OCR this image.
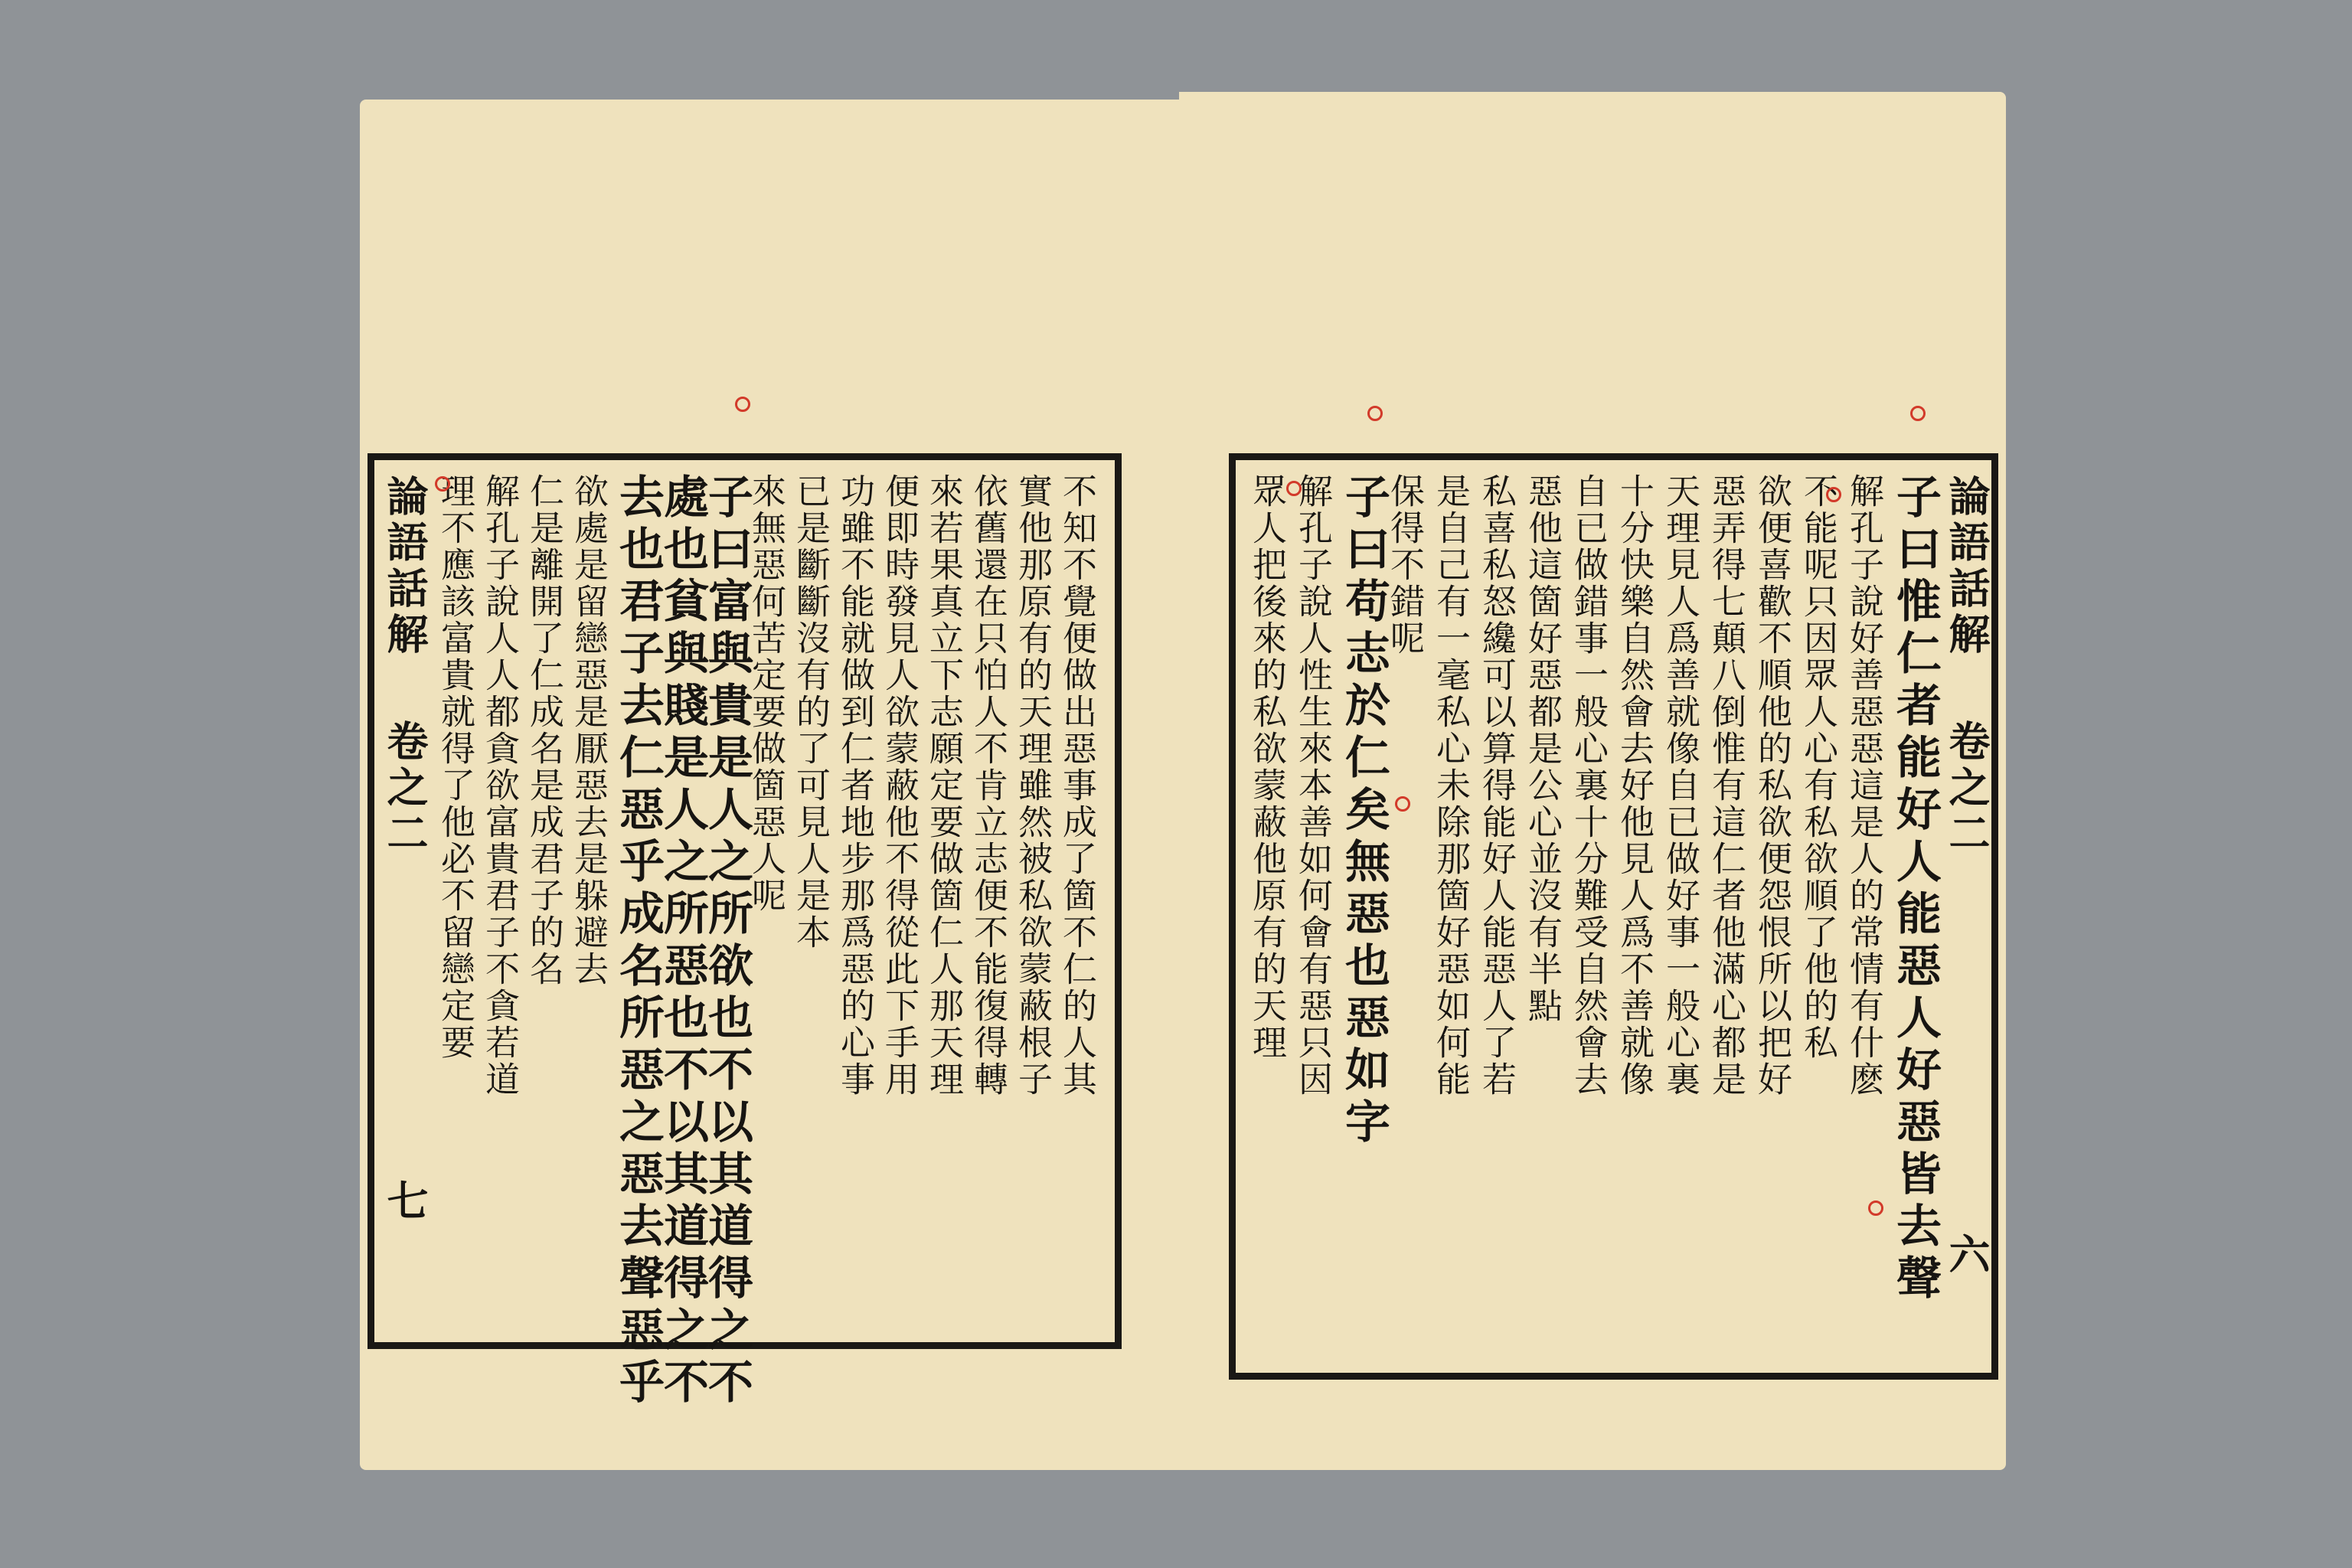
不知不覺便做出惡事成了箇不仁的人其
實他那原有的天理雖然被私欲蒙蔽根子
依舊還在只怕人不肯立志便不能復得轉
來若果真立下志願定要做箇仁人那天理
便即時發見人欲蒙蔽他不得從此下手用
功雖不能就做到仁者地步那爲惡的心事
已是斷斷沒有的了可見人是本
來無惡何苦定要做箇惡人呢
子曰富與貴是人之所欲也不以其道得之不
處也貧與賤是人之所惡也不以其道得之不
去也君子去仁惡乎成名所惡之惡去聲惡乎
欲處是留戀惡是厭惡去是躲避去
仁是離開了仁成名是成君子的名
解孔子說人人都貪欲富貴君子不貪若道
理不應該富貴就得了他必不留戀定要
論語話解
卷之二
七	子曰惟仁者能好人能惡人好惡皆去聲
解孔子說好善惡惡這是人的常情有什麽
不能呢只因眾人心有私欲順了他的私
欲便喜歡不順他的私欲便怨恨所以把好
惡弄得七顛八倒惟有這仁者他滿心都是
天理見人爲善就像自已做好事一般心裏
十分快樂自然會去好他見人爲不善就像
自已做錯事一般心裏十分難受自然會去
惡他這箇好惡都是公心並沒有半點
私喜私怒纔可以算得能好人能惡人了若
是自己有一毫私心未除那箇好惡如何能
保得不錯呢
子曰苟志於仁矣無惡也惡如字
解孔子說人性生來本善如何會有惡只因
眾人把後來的私欲蒙蔽他原有的天理	論語話解
卷之二
六
